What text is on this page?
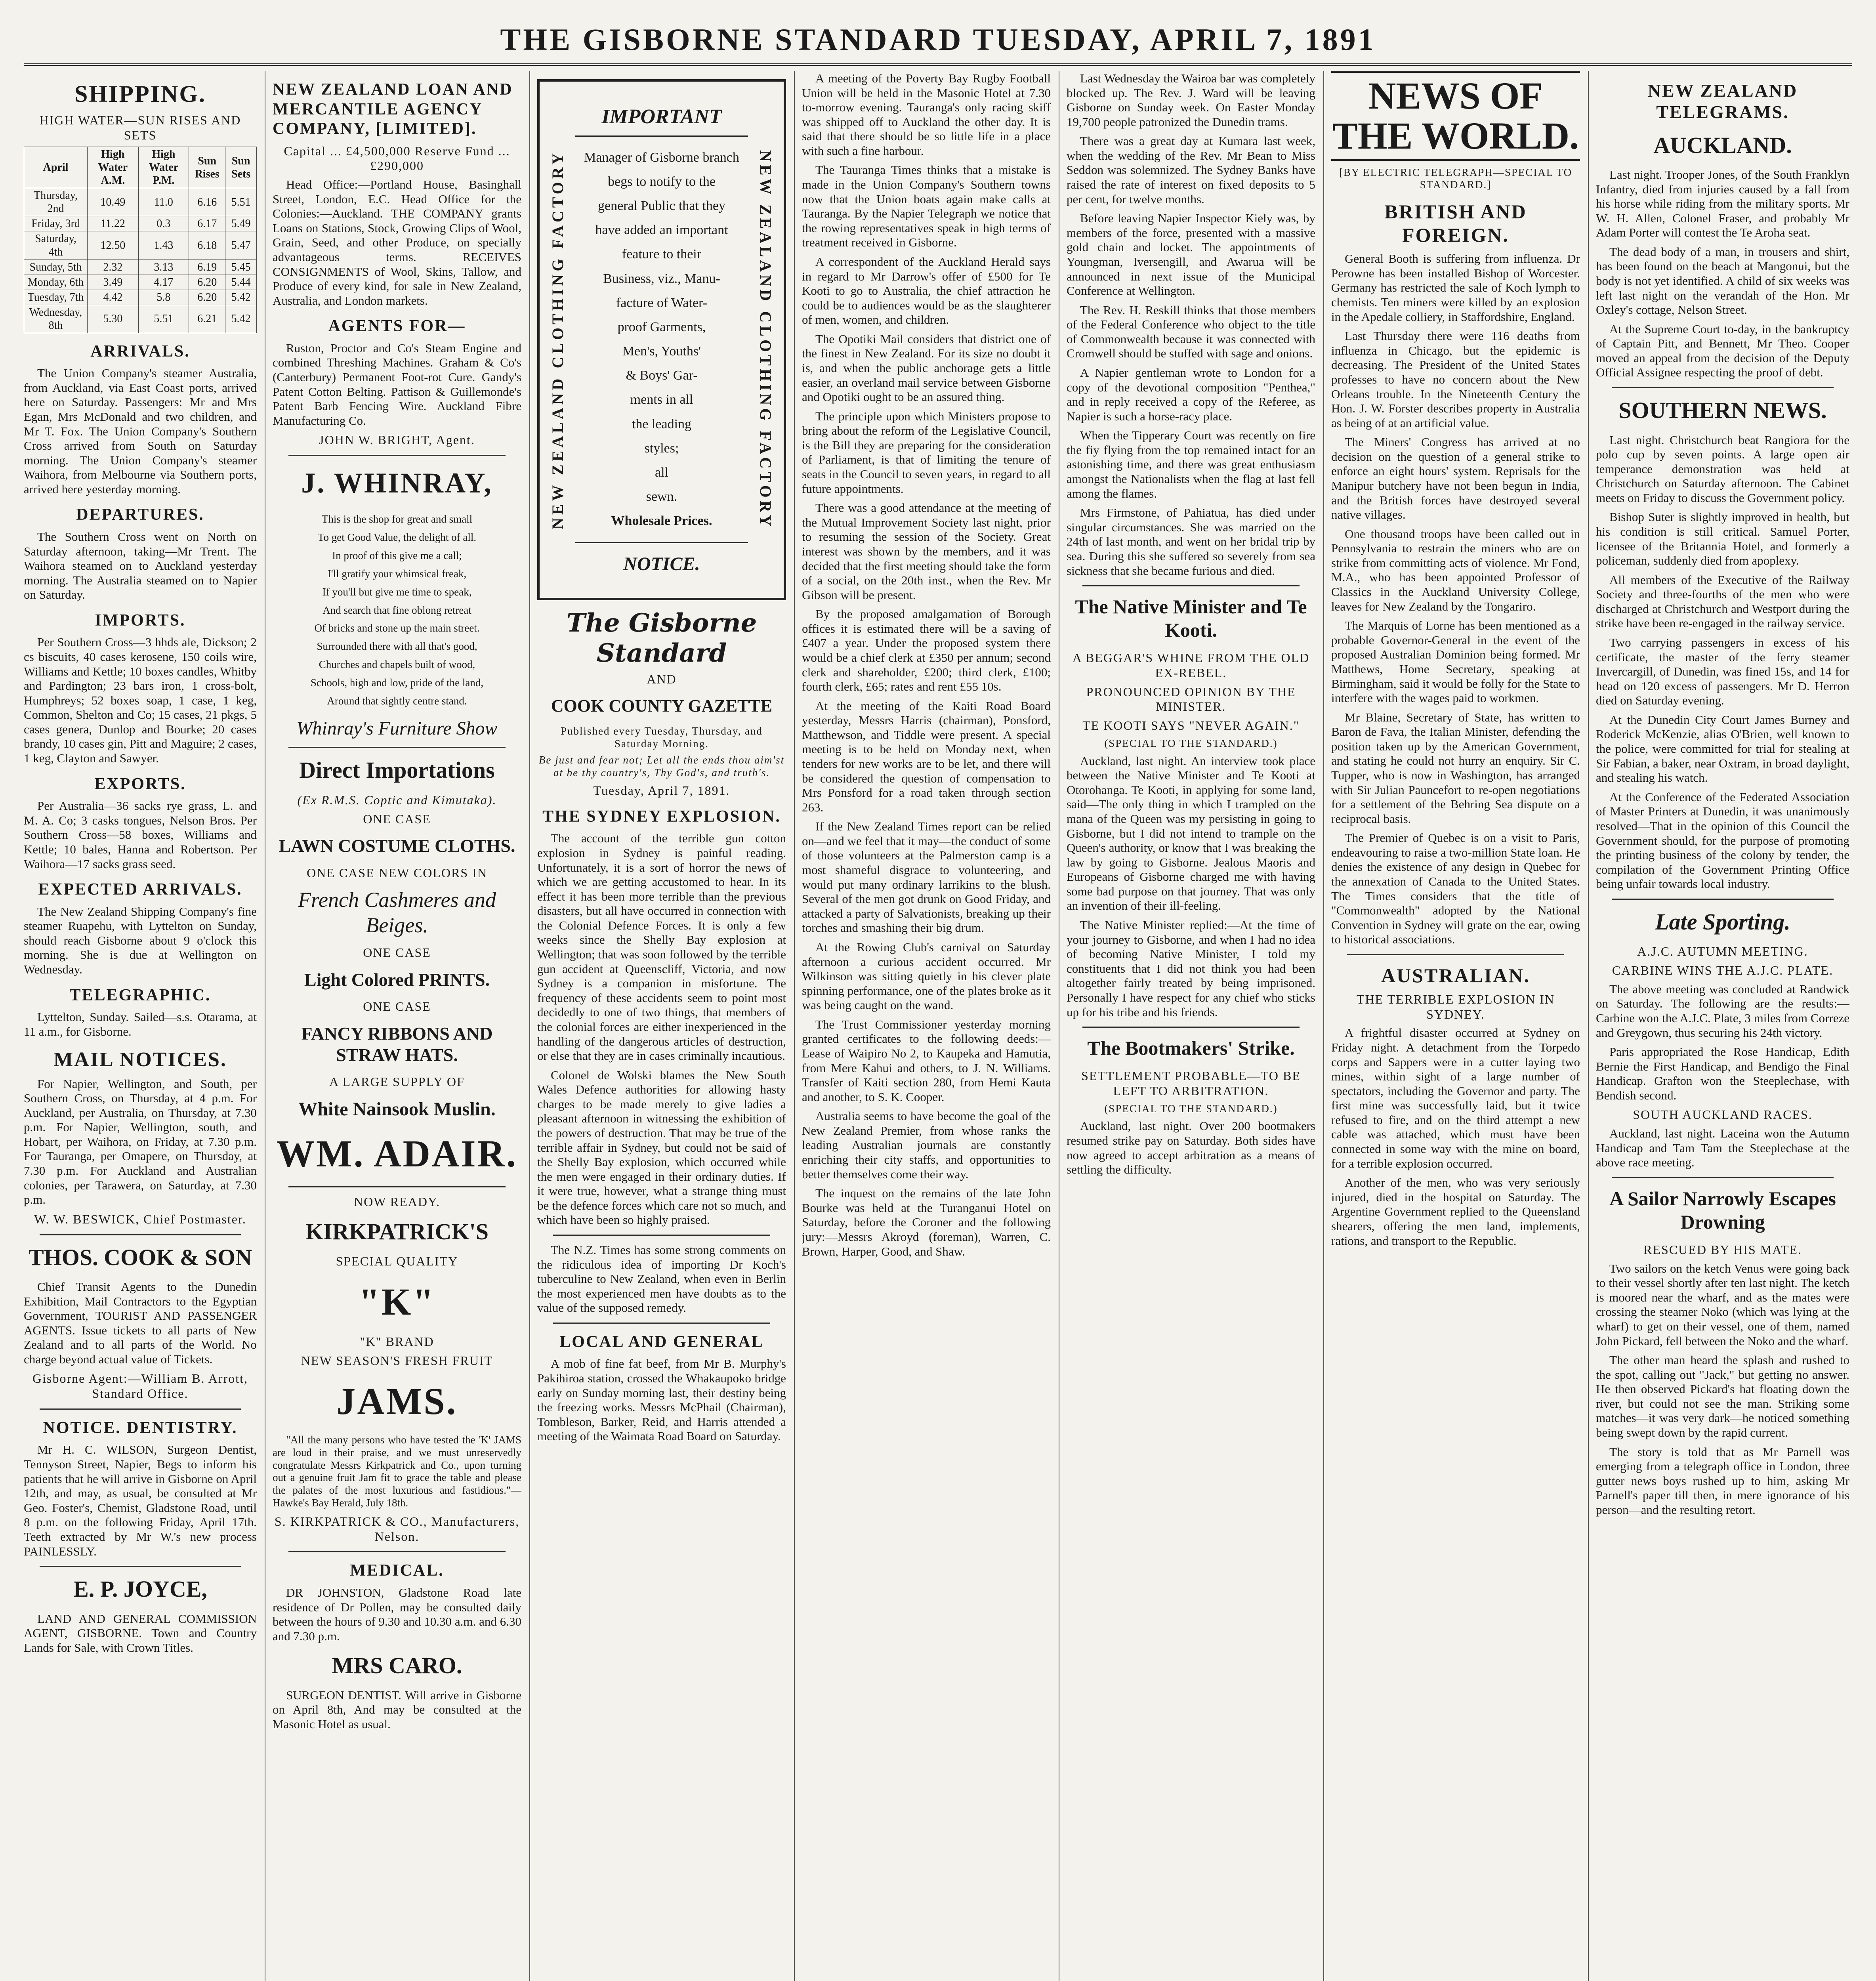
THE GISBORNE STANDARD TUESDAY, APRIL 7, 1891
SHIPPING.
HIGH WATER—SUN RISES AND SETS
April	High Water A.M.	High Water P.M.	Sun Rises	Sun Sets
Thursday, 2nd	10.49	11.0	6.16	5.51
Friday, 3rd	11.22	0.3	6.17	5.49
Saturday, 4th	12.50	1.43	6.18	5.47
Sunday, 5th	2.32	3.13	6.19	5.45
Monday, 6th	3.49	4.17	6.20	5.44
Tuesday, 7th	4.42	5.8	6.20	5.42
Wednesday, 8th	5.30	5.51	6.21	5.42
ARRIVALS.

The Union Company's steamer Australia, from Auckland, via East Coast ports, arrived here on Saturday. Passengers: Mr and Mrs Egan, Mrs McDonald and two children, and Mr T. Fox. The Union Company's Southern Cross arrived from South on Saturday morning. The Union Company's steamer Waihora, from Melbourne via Southern ports, arrived here yesterday morning.

DEPARTURES.

The Southern Cross went on North on Saturday afternoon, taking—Mr Trent. The Waihora steamed on to Auckland yesterday morning. The Australia steamed on to Napier on Saturday.

IMPORTS.

Per Southern Cross—3 hhds ale, Dickson; 2 cs biscuits, 40 cases kerosene, 150 coils wire, Williams and Kettle; 10 boxes candles, Whitby and Pardington; 23 bars iron, 1 cross-bolt, Humphreys; 52 boxes soap, 1 case, 1 keg, Common, Shelton and Co; 15 cases, 21 pkgs, 5 cases genera, Dunlop and Bourke; 20 cases brandy, 10 cases gin, Pitt and Maguire; 2 cases, 1 keg, Clayton and Sawyer.

EXPORTS.

Per Australia—36 sacks rye grass, L. and M. A. Co; 3 casks tongues, Nelson Bros. Per Southern Cross—58 boxes, Williams and Kettle; 10 bales, Hanna and Robertson. Per Waihora—17 sacks grass seed.

EXPECTED ARRIVALS.

The New Zealand Shipping Company's fine steamer Ruapehu, with Lyttelton on Sunday, should reach Gisborne about 9 o'clock this morning. She is due at Wellington on Wednesday.

TELEGRAPHIC.

Lyttelton, Sunday. Sailed—s.s. Otarama, at 11 a.m., for Gisborne.

MAIL NOTICES.

For Napier, Wellington, and South, per Southern Cross, on Thursday, at 4 p.m. For Auckland, per Australia, on Thursday, at 7.30 p.m. For Napier, Wellington, south, and Hobart, per Waihora, on Friday, at 7.30 p.m. For Tauranga, per Omapere, on Thursday, at 7.30 p.m. For Auckland and Australian colonies, per Tarawera, on Saturday, at 7.30 p.m.

W. W. BESWICK, Chief Postmaster.
THOS. COOK & SON

Chief Transit Agents to the Dunedin Exhibition, Mail Contractors to the Egyptian Government, TOURIST AND PASSENGER AGENTS. Issue tickets to all parts of New Zealand and to all parts of the World. No charge beyond actual value of Tickets.

Gisborne Agent:—William B. Arrott, Standard Office.
NOTICE. DENTISTRY.

Mr H. C. WILSON, Surgeon Dentist, Tennyson Street, Napier, Begs to inform his patients that he will arrive in Gisborne on April 12th, and may, as usual, be consulted at Mr Geo. Foster's, Chemist, Gladstone Road, until 8 p.m. on the following Friday, April 17th. Teeth extracted by Mr W.'s new process PAINLESSLY.

E. P. JOYCE,

LAND AND GENERAL COMMISSION AGENT, GISBORNE. Town and Country Lands for Sale, with Crown Titles.

NEW ZEALAND LOAN AND MERCANTILE AGENCY COMPANY, [LIMITED].
Capital ... £4,500,000 Reserve Fund ... £290,000

Head Office:—Portland House, Basinghall Street, London, E.C. Head Office for the Colonies:—Auckland. THE COMPANY grants Loans on Stations, Stock, Growing Clips of Wool, Grain, Seed, and other Produce, on specially advantageous terms. RECEIVES CONSIGNMENTS of Wool, Skins, Tallow, and Produce of every kind, for sale in New Zealand, Australia, and London markets.

AGENTS FOR—

Ruston, Proctor and Co's Steam Engine and combined Threshing Machines. Graham & Co's (Canterbury) Permanent Foot-rot Cure. Gandy's Patent Cotton Belting. Pattison & Guillemonde's Patent Barb Fencing Wire. Auckland Fibre Manufacturing Co.

JOHN W. BRIGHT, Agent.
J. WHINRAY,
This is the shop for great and small
To get Good Value, the delight of all.
In proof of this give me a call;
I'll gratify your whimsical freak,
If you'll but give me time to speak,
And search that fine oblong retreat
Of bricks and stone up the main street.
Surrounded there with all that's good,
Churches and chapels built of wood,
Schools, high and low, pride of the land,
Around that sightly centre stand.
Whinray's Furniture Show
Direct Importations
(Ex R.M.S. Coptic and Kimutaka).
ONE CASE
LAWN COSTUME CLOTHS.
ONE CASE NEW COLORS IN
French Cashmeres and Beiges.
ONE CASE
Light Colored PRINTS.
ONE CASE
FANCY RIBBONS AND STRAW HATS.
A LARGE SUPPLY OF
White Nainsook Muslin.
WM. ADAIR.
NOW READY.
KIRKPATRICK'S
SPECIAL QUALITY
"K"
"K" BRAND
NEW SEASON'S FRESH FRUIT
JAMS.

"All the many persons who have tested the 'K' JAMS are loud in their praise, and we must unreservedly congratulate Messrs Kirkpatrick and Co., upon turning out a genuine fruit Jam fit to grace the table and please the palates of the most luxurious and fastidious."—Hawke's Bay Herald, July 18th.

S. KIRKPATRICK & CO., Manufacturers, Nelson.
MEDICAL.

DR JOHNSTON, Gladstone Road late residence of Dr Pollen, may be consulted daily between the hours of 9.30 and 10.30 a.m. and 6.30 and 7.30 p.m.

MRS CARO.

SURGEON DENTIST. Will arrive in Gisborne on April 8th, And may be consulted at the Masonic Hotel as usual.

NEW ZEALAND CLOTHING FACTORY	NEW ZEALAND CLOTHING FACTORY
IMPORTANT
Manager of Gisborne branch
begs to notify to the
general Public that they
have added an important
feature to their
Business, viz., Manu-
facture of Water-
proof Garments,
Men's, Youths'
& Boys' Gar-
ments in all
the leading
styles;
all
sewn.
Wholesale Prices.
NOTICE.
The Gisborne Standard
AND
COOK COUNTY GAZETTE
Published every Tuesday, Thursday, and Saturday Morning.
Be just and fear not; Let all the ends thou aim'st at be thy country's, Thy God's, and truth's.
Tuesday, April 7, 1891.
THE SYDNEY EXPLOSION.

The account of the terrible gun cotton explosion in Sydney is painful reading. Unfortunately, it is a sort of horror the news of which we are getting accustomed to hear. In its effect it has been more terrible than the previous disasters, but all have occurred in connection with the Colonial Defence Forces. It is only a few weeks since the Shelly Bay explosion at Wellington; that was soon followed by the terrible gun accident at Queenscliff, Victoria, and now Sydney is a companion in misfortune. The frequency of these accidents seem to point most decidedly to one of two things, that members of the colonial forces are either inexperienced in the handling of the dangerous articles of destruction, or else that they are in cases criminally incautious.

Colonel de Wolski blames the New South Wales Defence authorities for allowing hasty charges to be made merely to give ladies a pleasant afternoon in witnessing the exhibition of the powers of destruction. That may be true of the terrible affair in Sydney, but could not be said of the Shelly Bay explosion, which occurred while the men were engaged in their ordinary duties. If it were true, however, what a strange thing must be the defence forces which care not so much, and which have been so highly praised.

The N.Z. Times has some strong comments on the ridiculous idea of importing Dr Koch's tuberculine to New Zealand, when even in Berlin the most experienced men have doubts as to the value of the supposed remedy.

LOCAL AND GENERAL

A mob of fine fat beef, from Mr B. Murphy's Pakihiroa station, crossed the Whakaupoko bridge early on Sunday morning last, their destiny being the freezing works. Messrs McPhail (Chairman), Tombleson, Barker, Reid, and Harris attended a meeting of the Waimata Road Board on Saturday.

A meeting of the Poverty Bay Rugby Football Union will be held in the Masonic Hotel at 7.30 to-morrow evening. Tauranga's only racing skiff was shipped off to Auckland the other day. It is said that there should be so little life in a place with such a fine harbour.

The Tauranga Times thinks that a mistake is made in the Union Company's Southern towns now that the Union boats again make calls at Tauranga. By the Napier Telegraph we notice that the rowing representatives speak in high terms of treatment received in Gisborne.

A correspondent of the Auckland Herald says in regard to Mr Darrow's offer of £500 for Te Kooti to go to Australia, the chief attraction he could be to audiences would be as the slaughterer of men, women, and children.

The Opotiki Mail considers that district one of the finest in New Zealand. For its size no doubt it is, and when the public anchorage gets a little easier, an overland mail service between Gisborne and Opotiki ought to be an assured thing.

The principle upon which Ministers propose to bring about the reform of the Legislative Council, is the Bill they are preparing for the consideration of Parliament, is that of limiting the tenure of seats in the Council to seven years, in regard to all future appointments.

There was a good attendance at the meeting of the Mutual Improvement Society last night, prior to resuming the session of the Society. Great interest was shown by the members, and it was decided that the first meeting should take the form of a social, on the 20th inst., when the Rev. Mr Gibson will be present.

By the proposed amalgamation of Borough offices it is estimated there will be a saving of £407 a year. Under the proposed system there would be a chief clerk at £350 per annum; second clerk and shareholder, £200; third clerk, £100; fourth clerk, £65; rates and rent £55 10s.

At the meeting of the Kaiti Road Board yesterday, Messrs Harris (chairman), Ponsford, Matthewson, and Tiddle were present. A special meeting is to be held on Monday next, when tenders for new works are to be let, and there will be considered the question of compensation to Mrs Ponsford for a road taken through section 263.

If the New Zealand Times report can be relied on—and we feel that it may—the conduct of some of those volunteers at the Palmerston camp is a most shameful disgrace to volunteering, and would put many ordinary larrikins to the blush. Several of the men got drunk on Good Friday, and attacked a party of Salvationists, breaking up their torches and smashing their big drum.

At the Rowing Club's carnival on Saturday afternoon a curious accident occurred. Mr Wilkinson was sitting quietly in his clever plate spinning performance, one of the plates broke as it was being caught on the wand.

The Trust Commissioner yesterday morning granted certificates to the following deeds:—Lease of Waipiro No 2, to Kaupeka and Hamutia, from Mere Kahui and others, to J. N. Williams. Transfer of Kaiti section 280, from Hemi Kauta and another, to S. K. Cooper.

Australia seems to have become the goal of the New Zealand Premier, from whose ranks the leading Australian journals are constantly enriching their city staffs, and opportunities to better themselves come their way.

The inquest on the remains of the late John Bourke was held at the Turanganui Hotel on Saturday, before the Coroner and the following jury:—Messrs Akroyd (foreman), Warren, C. Brown, Harper, Good, and Shaw.

Last Wednesday the Wairoa bar was completely blocked up. The Rev. J. Ward will be leaving Gisborne on Sunday week. On Easter Monday 19,700 people patronized the Dunedin trams.

There was a great day at Kumara last week, when the wedding of the Rev. Mr Bean to Miss Seddon was solemnized. The Sydney Banks have raised the rate of interest on fixed deposits to 5 per cent, for twelve months.

Before leaving Napier Inspector Kiely was, by members of the force, presented with a massive gold chain and locket. The appointments of Youngman, Iversengill, and Awarua will be announced in next issue of the Municipal Conference at Wellington.

The Rev. H. Reskill thinks that those members of the Federal Conference who object to the title of Commonwealth because it was connected with Cromwell should be stuffed with sage and onions.

A Napier gentleman wrote to London for a copy of the devotional composition "Penthea," and in reply received a copy of the Referee, as Napier is such a horse-racy place.

When the Tipperary Court was recently on fire the fiy flying from the top remained intact for an astonishing time, and there was great enthusiasm amongst the Nationalists when the flag at last fell among the flames.

Mrs Firmstone, of Pahiatua, has died under singular circumstances. She was married on the 24th of last month, and went on her bridal trip by sea. During this she suffered so severely from sea sickness that she became furious and died.

The Native Minister and Te Kooti.
A BEGGAR'S WHINE FROM THE OLD EX-REBEL.
PRONOUNCED OPINION BY THE MINISTER.
TE KOOTI SAYS "NEVER AGAIN."
(SPECIAL TO THE STANDARD.)

Auckland, last night. An interview took place between the Native Minister and Te Kooti at Otorohanga. Te Kooti, in applying for some land, said—The only thing in which I trampled on the mana of the Queen was my persisting in going to Gisborne, but I did not intend to trample on the Queen's authority, or know that I was breaking the law by going to Gisborne. Jealous Maoris and Europeans of Gisborne charged me with having some bad purpose on that journey. That was only an invention of their ill-feeling.

The Native Minister replied:—At the time of your journey to Gisborne, and when I had no idea of becoming Native Minister, I told my constituents that I did not think you had been altogether fairly treated by being imprisoned. Personally I have respect for any chief who sticks up for his tribe and his friends.

The Bootmakers' Strike.
SETTLEMENT PROBABLE—TO BE LEFT TO ARBITRATION.
(SPECIAL TO THE STANDARD.)

Auckland, last night. Over 200 bootmakers resumed strike pay on Saturday. Both sides have now agreed to accept arbitration as a means of settling the difficulty.

NEWS OF THE WORLD.
[BY ELECTRIC TELEGRAPH—SPECIAL TO STANDARD.]
BRITISH AND FOREIGN.

General Booth is suffering from influenza. Dr Perowne has been installed Bishop of Worcester. Germany has restricted the sale of Koch lymph to chemists. Ten miners were killed by an explosion in the Apedale colliery, in Staffordshire, England.

Last Thursday there were 116 deaths from influenza in Chicago, but the epidemic is decreasing. The President of the United States professes to have no concern about the New Orleans trouble. In the Nineteenth Century the Hon. J. W. Forster describes property in Australia as being of at an artificial value.

The Miners' Congress has arrived at no decision on the question of a general strike to enforce an eight hours' system. Reprisals for the Manipur butchery have not been begun in India, and the British forces have destroyed several native villages.

One thousand troops have been called out in Pennsylvania to restrain the miners who are on strike from committing acts of violence. Mr Fond, M.A., who has been appointed Professor of Classics in the Auckland University College, leaves for New Zealand by the Tongariro.

The Marquis of Lorne has been mentioned as a probable Governor-General in the event of the proposed Australian Dominion being formed. Mr Matthews, Home Secretary, speaking at Birmingham, said it would be folly for the State to interfere with the wages paid to workmen.

Mr Blaine, Secretary of State, has written to Baron de Fava, the Italian Minister, defending the position taken up by the American Government, and stating he could not hurry an enquiry. Sir C. Tupper, who is now in Washington, has arranged with Sir Julian Pauncefort to re-open negotiations for a settlement of the Behring Sea dispute on a reciprocal basis.

The Premier of Quebec is on a visit to Paris, endeavouring to raise a two-million State loan. He denies the existence of any design in Quebec for the annexation of Canada to the United States. The Times considers that the title of "Commonwealth" adopted by the National Convention in Sydney will grate on the ear, owing to historical associations.

AUSTRALIAN.
THE TERRIBLE EXPLOSION IN SYDNEY.

A frightful disaster occurred at Sydney on Friday night. A detachment from the Torpedo corps and Sappers were in a cutter laying two mines, within sight of a large number of spectators, including the Governor and party. The first mine was successfully laid, but it twice refused to fire, and on the third attempt a new cable was attached, which must have been connected in some way with the mine on board, for a terrible explosion occurred.

Another of the men, who was very seriously injured, died in the hospital on Saturday. The Argentine Government replied to the Queensland shearers, offering the men land, implements, rations, and transport to the Republic.

NEW ZEALAND TELEGRAMS.
AUCKLAND.

Last night. Trooper Jones, of the South Franklyn Infantry, died from injuries caused by a fall from his horse while riding from the military sports. Mr W. H. Allen, Colonel Fraser, and probably Mr Adam Porter will contest the Te Aroha seat.

The dead body of a man, in trousers and shirt, has been found on the beach at Mangonui, but the body is not yet identified. A child of six weeks was left last night on the verandah of the Hon. Mr Oxley's cottage, Nelson Street.

At the Supreme Court to-day, in the bankruptcy of Captain Pitt, and Bennett, Mr Theo. Cooper moved an appeal from the decision of the Deputy Official Assignee respecting the proof of debt.

SOUTHERN NEWS.

Last night. Christchurch beat Rangiora for the polo cup by seven points. A large open air temperance demonstration was held at Christchurch on Saturday afternoon. The Cabinet meets on Friday to discuss the Government policy.

Bishop Suter is slightly improved in health, but his condition is still critical. Samuel Porter, licensee of the Britannia Hotel, and formerly a policeman, suddenly died from apoplexy.

All members of the Executive of the Railway Society and three-fourths of the men who were discharged at Christchurch and Westport during the strike have been re-engaged in the railway service.

Two carrying passengers in excess of his certificate, the master of the ferry steamer Invercargill, of Dunedin, was fined 15s, and 14 for head on 120 excess of passengers. Mr D. Herron died on Saturday evening.

At the Dunedin City Court James Burney and Roderick McKenzie, alias O'Brien, well known to the police, were committed for trial for stealing at Sir Fabian, a baker, near Oxtram, in broad daylight, and stealing his watch.

At the Conference of the Federated Association of Master Printers at Dunedin, it was unanimously resolved—That in the opinion of this Council the Government should, for the purpose of promoting the printing business of the colony by tender, the compilation of the Government Printing Office being unfair towards local industry.

Late Sporting.
A.J.C. AUTUMN MEETING.
CARBINE WINS THE A.J.C. PLATE.

The above meeting was concluded at Randwick on Saturday. The following are the results:— Carbine won the A.J.C. Plate, 3 miles from Correze and Greygown, thus securing his 24th victory.

Paris appropriated the Rose Handicap, Edith Bernie the First Handicap, and Bendigo the Final Handicap. Grafton won the Steeplechase, with Bendish second.

SOUTH AUCKLAND RACES.

Auckland, last night. Laceina won the Autumn Handicap and Tam Tam the Steeplechase at the above race meeting.

A Sailor Narrowly Escapes Drowning
RESCUED BY HIS MATE.

Two sailors on the ketch Venus were going back to their vessel shortly after ten last night. The ketch is moored near the wharf, and as the mates were crossing the steamer Noko (which was lying at the wharf) to get on their vessel, one of them, named John Pickard, fell between the Noko and the wharf.

The other man heard the splash and rushed to the spot, calling out "Jack," but getting no answer. He then observed Pickard's hat floating down the river, but could not see the man. Striking some matches—it was very dark—he noticed something being swept down by the rapid current.

The story is told that as Mr Parnell was emerging from a telegraph office in London, three gutter news boys rushed up to him, asking Mr Parnell's paper till then, in mere ignorance of his person—and the resulting retort.
